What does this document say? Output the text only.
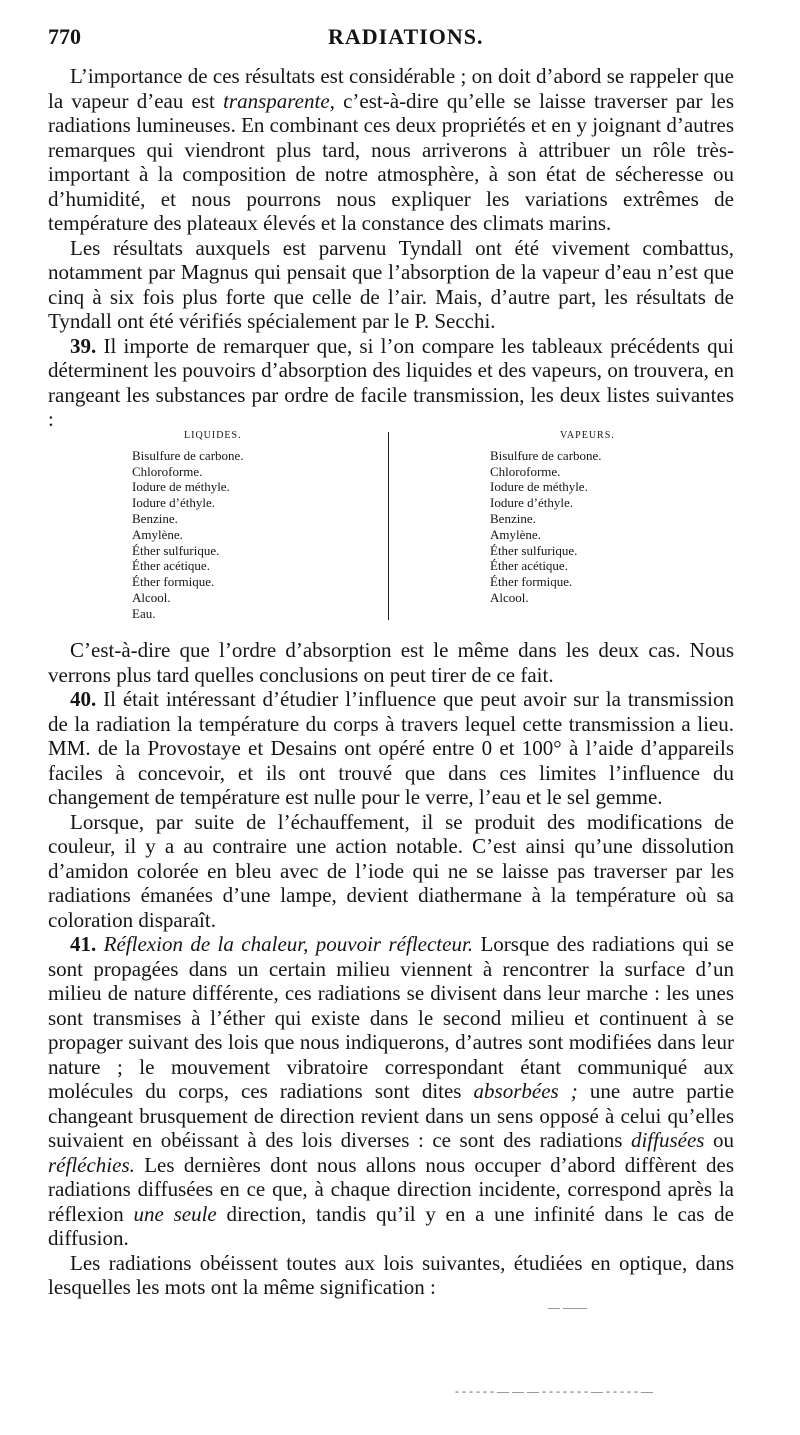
770	RADIATIONS.

L’importance de ces résultats est considérable ; on doit d’abord se rappeler que la vapeur d’eau est transparente, c’est-à-dire qu’elle se laisse traverser par les radiations lumineuses. En combinant ces deux propriétés et en y joignant d’autres remarques qui viendront plus tard, nous arriverons à attribuer un rôle très-important à la composition de notre atmosphère, à son état de sécheresse ou d’humidité, et nous pourrons nous expliquer les variations extrêmes de température des plateaux élevés et la constance des climats marins.

Les résultats auxquels est parvenu Tyndall ont été vivement combattus, notamment par Magnus qui pensait que l’absorption de la vapeur d’eau n’est que cinq à six fois plus forte que celle de l’air. Mais, d’autre part, les résultats de Tyndall ont été vérifiés spécialement par le P. Secchi.

39. Il importe de remarquer que, si l’on compare les tableaux précédents qui déterminent les pouvoirs d’absorption des liquides et des vapeurs, on trouvera, en rangeant les substances par ordre de facile transmission, les deux listes suivantes :

LIQUIDES.
Bisulfure de carbone.
Chloroforme.
Iodure de méthyle.
Iodure d’éthyle.
Benzine.
Amylène.
Éther sulfurique.
Éther acétique.
Éther formique.
Alcool.
Eau.
VAPEURS.
Bisulfure de carbone.
Chloroforme.
Iodure de méthyle.
Iodure d’éthyle.
Benzine.
Amylène.
Éther sulfurique.
Éther acétique.
Éther formique.
Alcool.

C’est-à-dire que l’ordre d’absorption est le même dans les deux cas. Nous verrons plus tard quelles conclusions on peut tirer de ce fait.

40. Il était intéressant d’étudier l’influence que peut avoir sur la transmission de la radiation la température du corps à travers lequel cette transmission a lieu. MM. de la Provostaye et Desains ont opéré entre 0 et 100° à l’aide d’appareils faciles à concevoir, et ils ont trouvé que dans ces limites l’influence du changement de température est nulle pour le verre, l’eau et le sel gemme.

Lorsque, par suite de l’échauffement, il se produit des modifications de couleur, il y a au contraire une action notable. C’est ainsi qu’une dissolution d’amidon colorée en bleu avec de l’iode qui ne se laisse pas traverser par les radiations émanées d’une lampe, devient diathermane à la température où sa coloration disparaît.

41. Réflexion de la chaleur, pouvoir réflecteur. Lorsque des radiations qui se sont propagées dans un certain milieu viennent à rencontrer la surface d’un milieu de nature différente, ces radiations se divisent dans leur marche : les unes sont transmises à l’éther qui existe dans le second milieu et continuent à se propager suivant des lois que nous indiquerons, d’autres sont modifiées dans leur nature ; le mouvement vibratoire correspondant étant communiqué aux molécules du corps, ces radiations sont dites absorbées ; une autre partie changeant brusquement de direction revient dans un sens opposé à celui qu’elles suivaient en obéissant à des lois diverses : ce sont des radiations diffusées ou réfléchies. Les dernières dont nous allons nous occuper d’abord diffèrent des radiations diffusées en ce que, à chaque direction incidente, correspond après la réflexion une seule direction, tandis qu’il y en a une infinité dans le cas de diffusion.

Les radiations obéissent toutes aux lois suivantes, étudiées en optique, dans lesquelles les mots ont la même signification :

— ——
- - - - - - — — — - - - - - - - — - - - - - —
